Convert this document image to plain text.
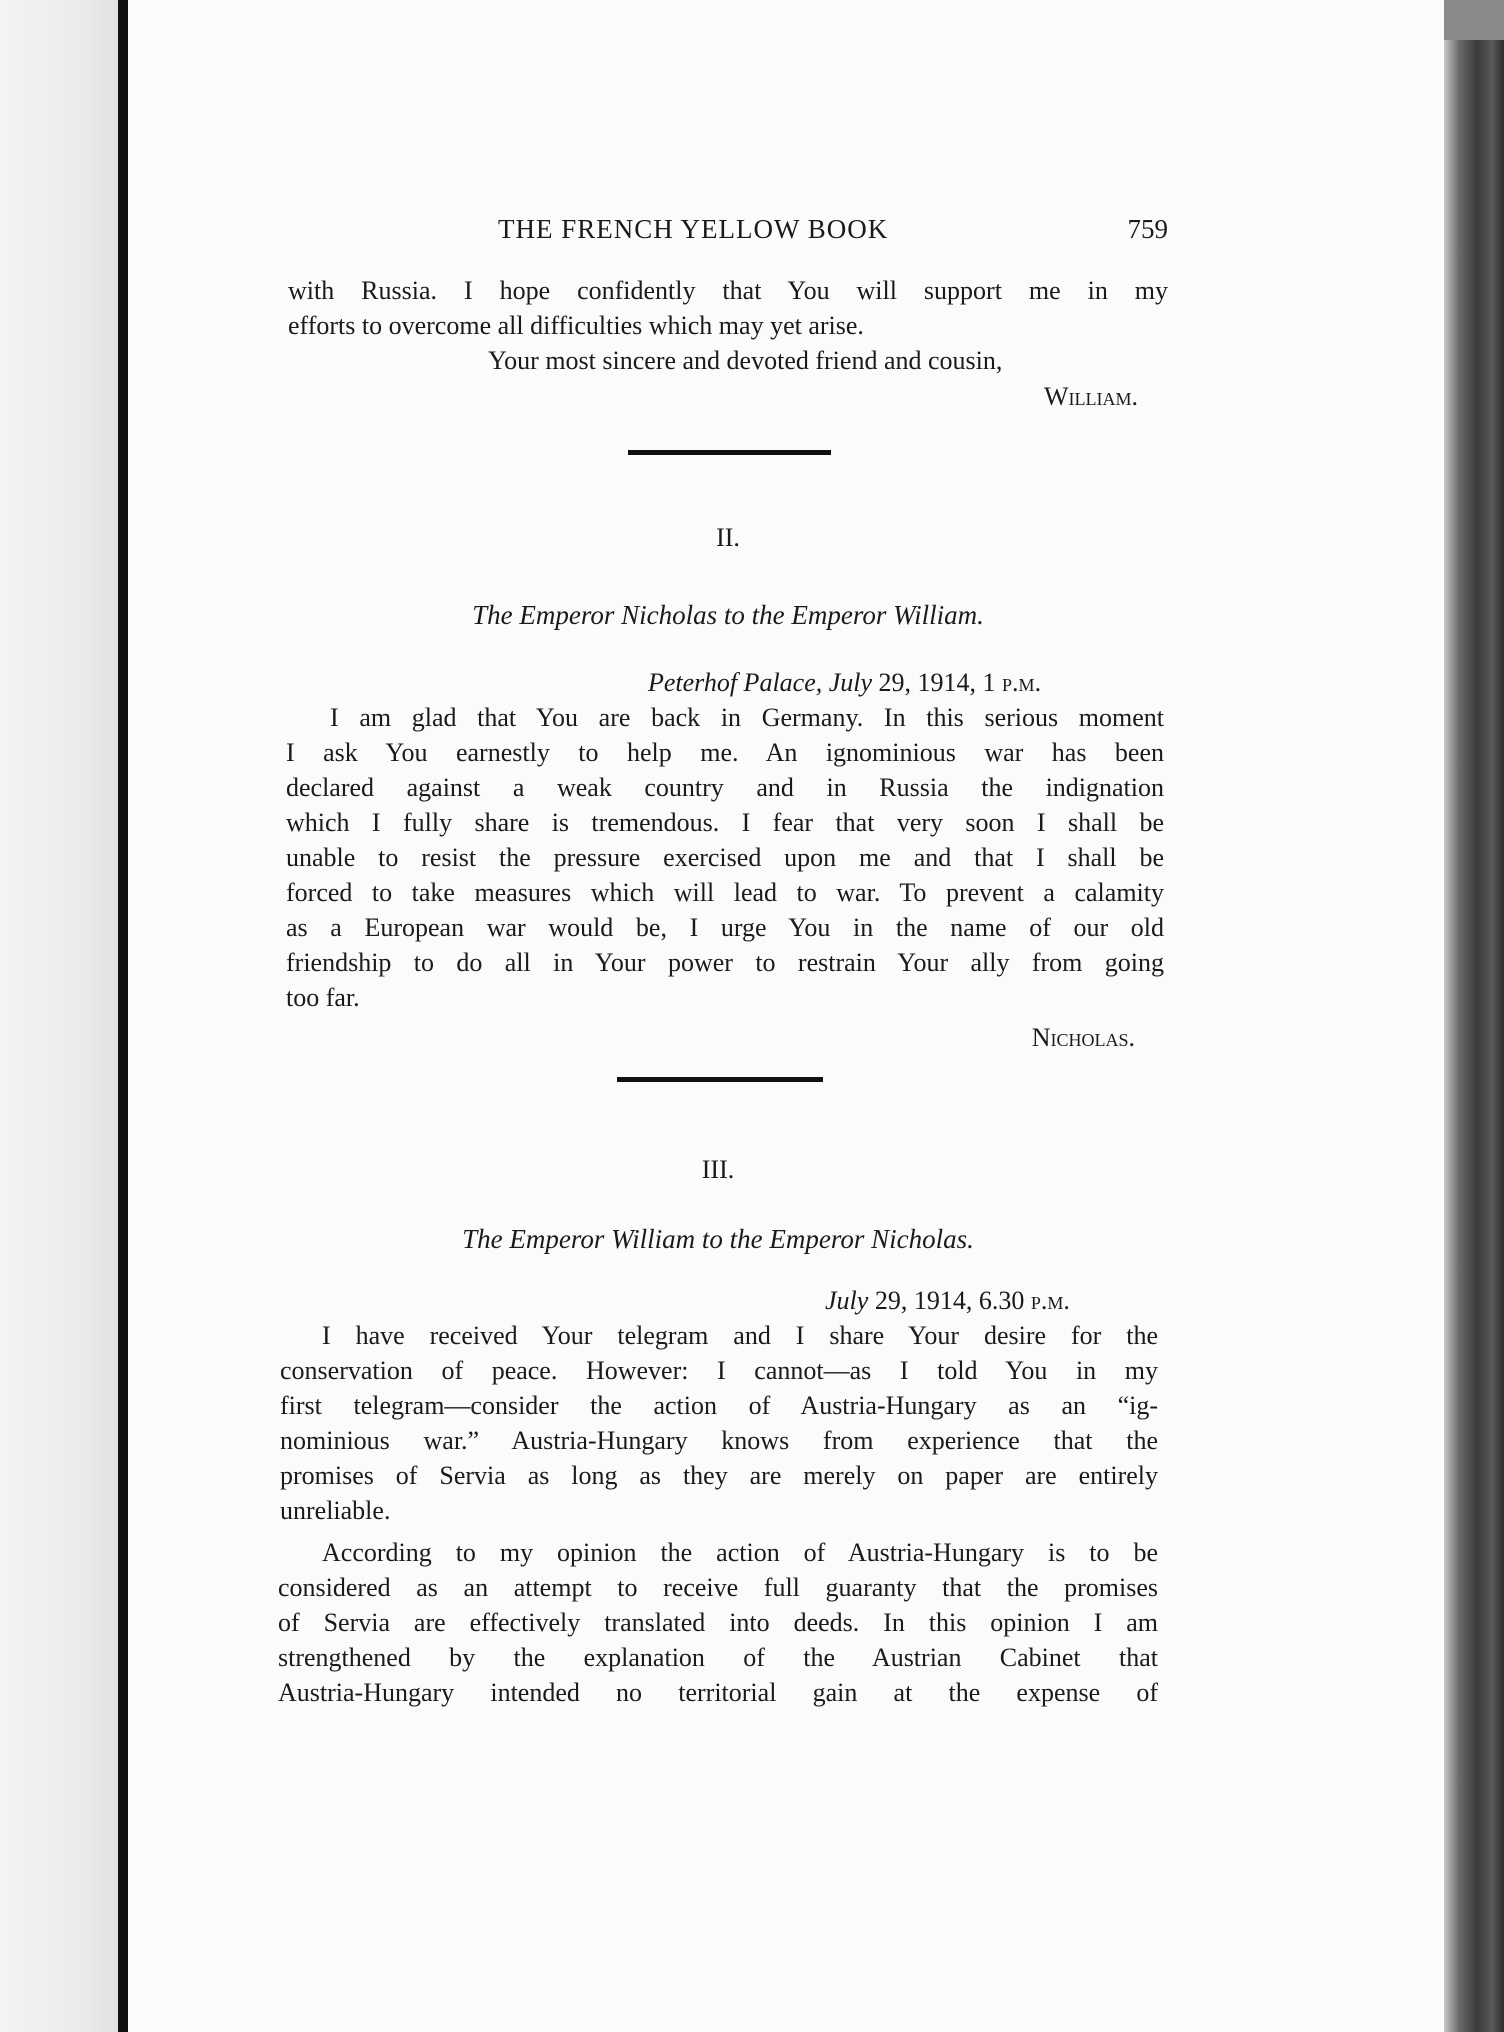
THE FRENCH YELLOW BOOK	759
with Russia. I hope confidently that You will support me in my
efforts to overcome all difficulties which may yet arise.
Your most sincere and devoted friend and cousin,
William.
II.
The Emperor Nicholas to the Emperor William.
Peterhof Palace, July 29, 1914, 1 p.m.
I am glad that You are back in Germany. In this serious moment
I ask You earnestly to help me. An ignominious war has been
declared against a weak country and in Russia the indignation
which I fully share is tremendous. I fear that very soon I shall be
unable to resist the pressure exercised upon me and that I shall be
forced to take measures which will lead to war. To prevent a calamity
as a European war would be, I urge You in the name of our old
friendship to do all in Your power to restrain Your ally from going
too far.
Nicholas.
III.
The Emperor William to the Emperor Nicholas.
July 29, 1914, 6.30 p.m.
I have received Your telegram and I share Your desire for the
conservation of peace. However: I cannot—as I told You in my
first telegram—consider the action of Austria-Hungary as an “ig-
nominious war.” Austria-Hungary knows from experience that the
promises of Servia as long as they are merely on paper are entirely
unreliable.
According to my opinion the action of Austria-Hungary is to be
considered as an attempt to receive full guaranty that the promises
of Servia are effectively translated into deeds. In this opinion I am
strengthened by the explanation of the Austrian Cabinet that
Austria-Hungary intended no territorial gain at the expense of
